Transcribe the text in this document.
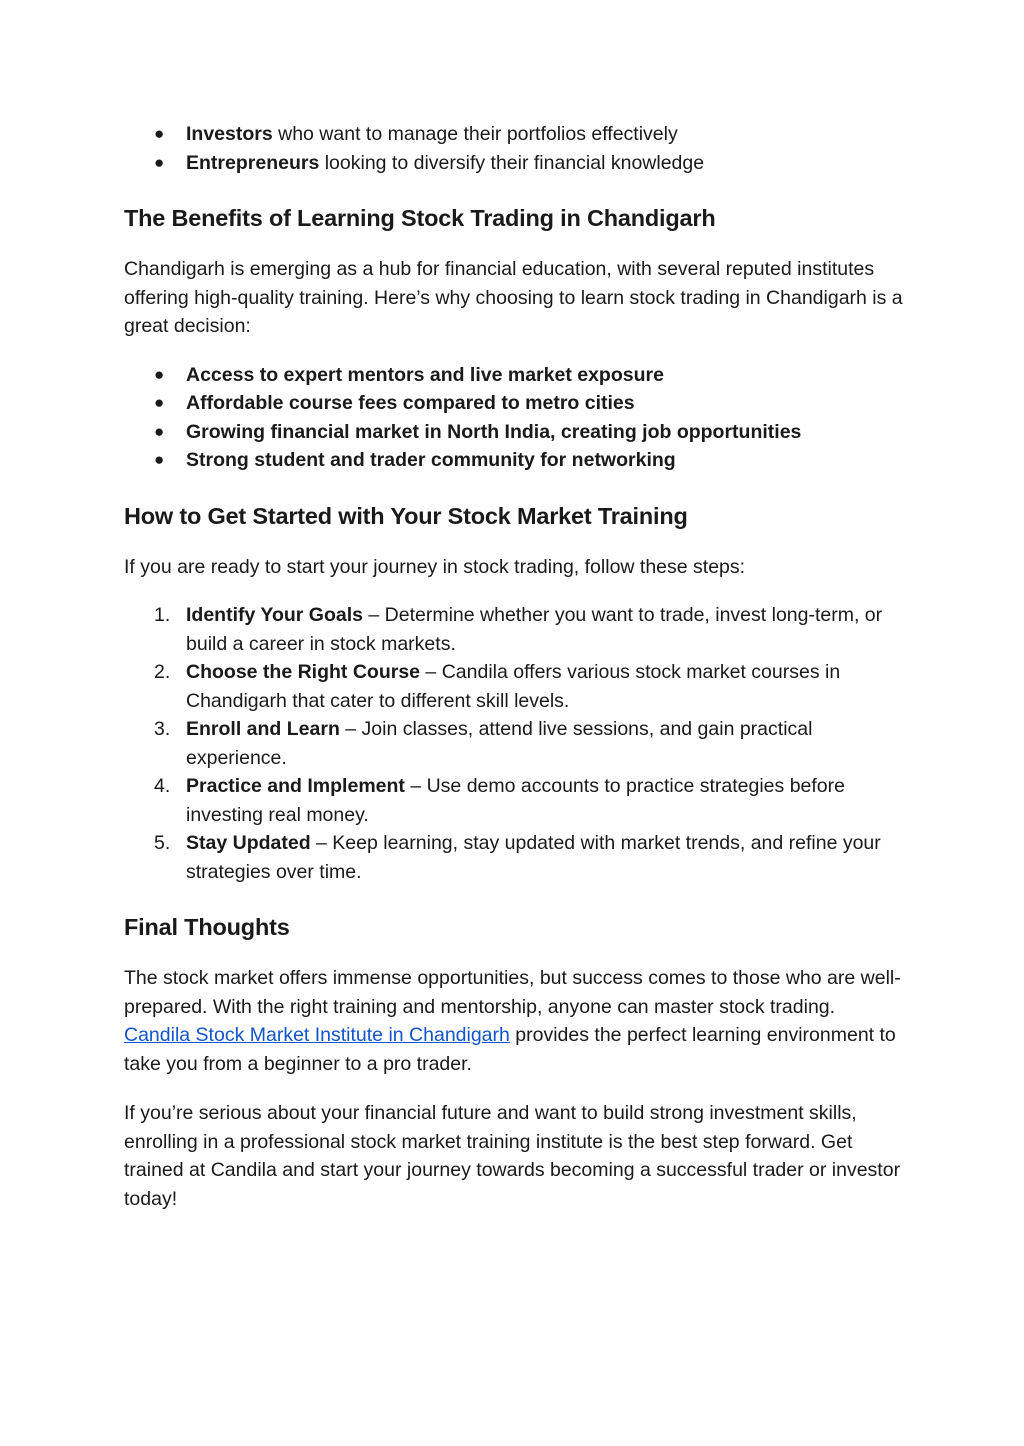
● Investors who want to manage their portfolios effectively
● Entrepreneurs looking to diversify their financial knowledge
The Benefits of Learning Stock Trading in Chandigarh

Chandigarh is emerging as a hub for financial education, with several reputed institutes offering high-quality training. Here’s why choosing to learn stock trading in Chandigarh is a great decision:

● Access to expert mentors and live market exposure
● Affordable course fees compared to metro cities
● Growing financial market in North India, creating job opportunities
● Strong student and trader community for networking
How to Get Started with Your Stock Market Training

If you are ready to start your journey in stock trading, follow these steps:

1. Identify Your Goals – Determine whether you want to trade, invest long-term, or build a career in stock markets.
2. Choose the Right Course – Candila offers various stock market courses in Chandigarh that cater to different skill levels.
3. Enroll and Learn – Join classes, attend live sessions, and gain practical experience.
4. Practice and Implement – Use demo accounts to practice strategies before investing real money.
5. Stay Updated – Keep learning, stay updated with market trends, and refine your strategies over time.
Final Thoughts

The stock market offers immense opportunities, but success comes to those who are well-prepared. With the right training and mentorship, anyone can master stock trading. Candila Stock Market Institute in Chandigarh provides the perfect learning environment to take you from a beginner to a pro trader.

If you’re serious about your financial future and want to build strong investment skills, enrolling in a professional stock market training institute is the best step forward. Get trained at Candila and start your journey towards becoming a successful trader or investor today!
